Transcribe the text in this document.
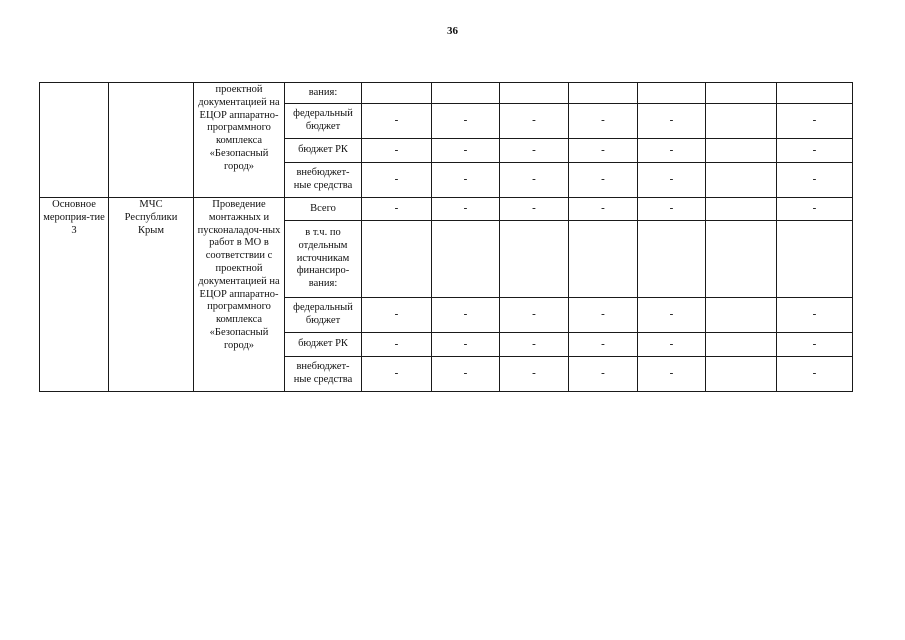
36
		проектной документацией на ЕЦОР аппаратно-программного комплекса «Безопасный город»	вания:							
			федеральный бюджет	-	-	-	-	-		-
			бюджет РК	-	-	-	-	-		-
			внебюджет-ные средства	-	-	-	-	-		-
Основное мероприя-тие 3	МЧС Республики Крым	Проведение монтажных и пусконаладоч-ных работ в МО в соответствии с проектной документацией на ЕЦОР аппаратно-программного комплекса «Безопасный город»	Всего	-	-	-	-	-		-
			в т.ч. по отдельным источникам финансиро-вания:							
			федеральный бюджет	-	-	-	-	-		-
			бюджет РК	-	-	-	-	-		-
			внебюджет-ные средства	-	-	-	-	-		-
